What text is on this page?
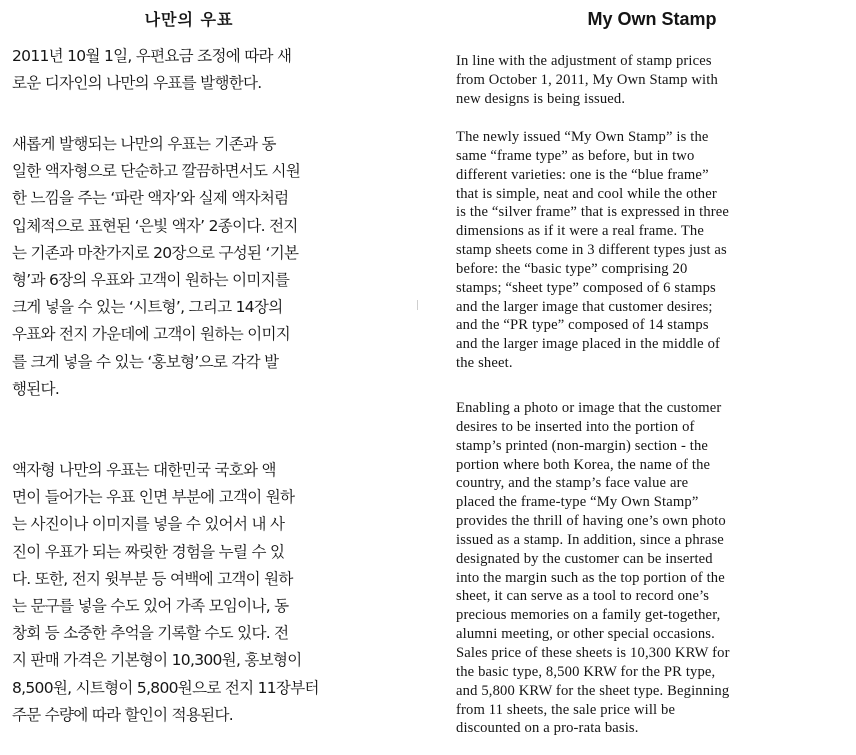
나만의 우표
2011년 10월 1일, 우편요금 조정에 따라 새
로운 디자인의 나만의 우표를 발행한다.
새롭게 발행되는 나만의 우표는 기존과 동
일한 액자형으로 단순하고 깔끔하면서도 시원
한 느낌을 주는 ‘파란 액자’와 실제 액자처럼
입체적으로 표현된 ‘은빛 액자’ 2종이다. 전지
는 기존과 마찬가지로 20장으로 구성된 ‘기본
형’과 6장의 우표와 고객이 원하는 이미지를
크게 넣을 수 있는 ‘시트형’, 그리고 14장의
우표와 전지 가운데에 고객이 원하는 이미지
를 크게 넣을 수 있는 ‘홍보형’으로 각각 발
행된다.
액자형 나만의 우표는 대한민국 국호와 액
면이 들어가는 우표 인면 부분에 고객이 원하
는 사진이나 이미지를 넣을 수 있어서 내 사
진이 우표가 되는 짜릿한 경험을 누릴 수 있
다. 또한, 전지 윗부분 등 여백에 고객이 원하
는 문구를 넣을 수도 있어 가족 모임이나, 동
창회 등 소중한 추억을 기록할 수도 있다. 전
지 판매 가격은 기본형이 10,300원, 홍보형이
8,500원, 시트형이 5,800원으로 전지 11장부터
주문 수량에 따라 할인이 적용된다.
My Own Stamp
In line with the adjustment of stamp prices
from October 1, 2011, My Own Stamp with
new designs is being issued.
The newly issued “My Own Stamp” is the
same “frame type” as before, but in two
different varieties: one is the “blue frame”
that is simple, neat and cool while the other
is the “silver frame” that is expressed in three
dimensions as if it were a real frame. The
stamp sheets come in 3 different types just as
before: the “basic type” comprising 20
stamps; “sheet type” composed of 6 stamps
and the larger image that customer desires;
and the “PR type” composed of 14 stamps
and the larger image placed in the middle of
the sheet.
Enabling a photo or image that the customer
desires to be inserted into the portion of
stamp’s printed (non-margin) section - the
portion where both Korea, the name of the
country, and the stamp’s face value are
placed the frame-type “My Own Stamp”
provides the thrill of having one’s own photo
issued as a stamp. In addition, since a phrase
designated by the customer can be inserted
into the margin such as the top portion of the
sheet, it can serve as a tool to record one’s
precious memories on a family get-together,
alumni meeting, or other special occasions.
Sales price of these sheets is 10,300 KRW for
the basic type, 8,500 KRW for the PR type,
and 5,800 KRW for the sheet type. Beginning
from 11 sheets, the sale price will be
discounted on a pro-rata basis.
